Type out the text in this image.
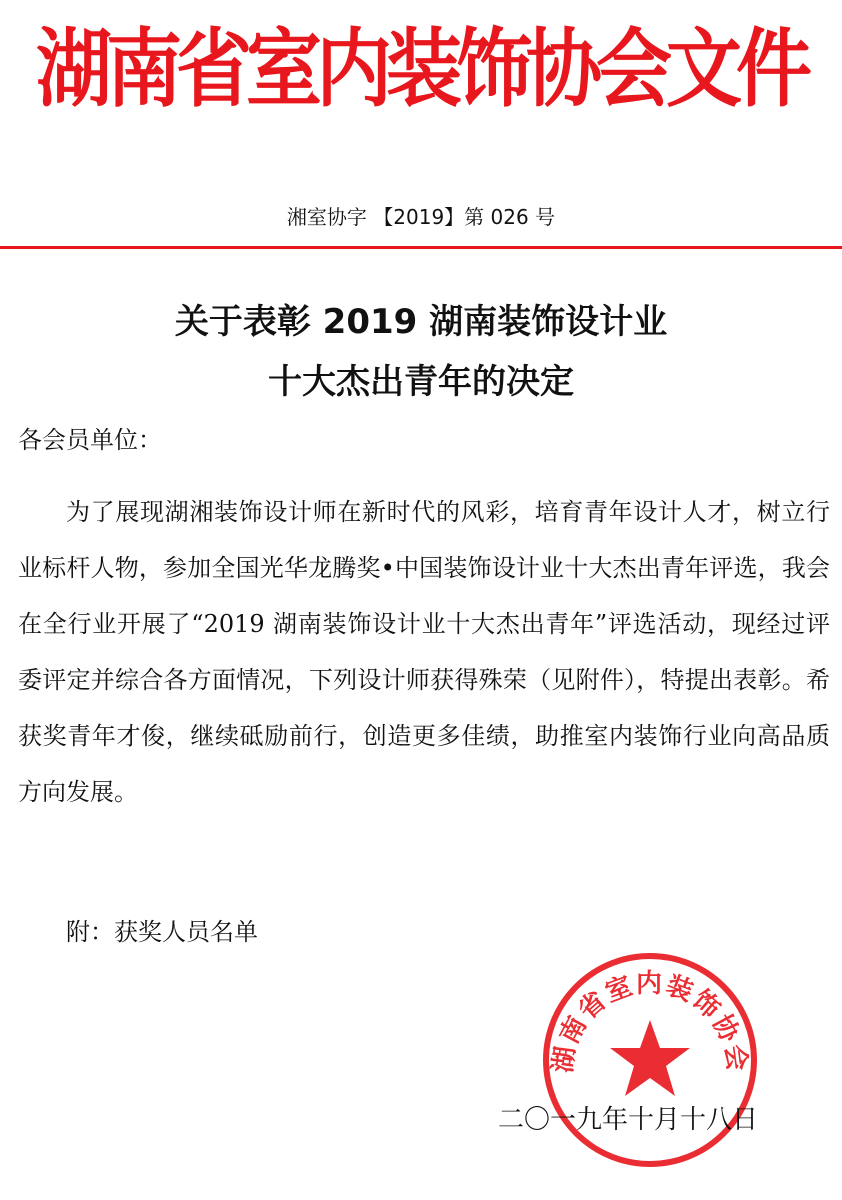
湖南省室内装饰协会文件
湘室协字 【2019】第 026 号
关于表彰 2019 湖南装饰设计业
十大杰出青年的决定
各会员单位：

为了展现湖湘装饰设计师在新时代的风彩，培育青年设计人才，树立行业标杆人物，参加全国光华龙腾奖•中国装饰设计业十大杰出青年评选，我会在全行业开展了“2019 湖南装饰设计业十大杰出青年”评选活动，现经过评委评定并综合各方面情况，下列设计师获得殊荣（见附件），特提出表彰。希获奖青年才俊，继续砥励前行，创造更多佳绩，助推室内装饰行业向高品质方向发展。

附：获奖人员名单
湖南省室内装饰协会
二〇一九年十月十八日
